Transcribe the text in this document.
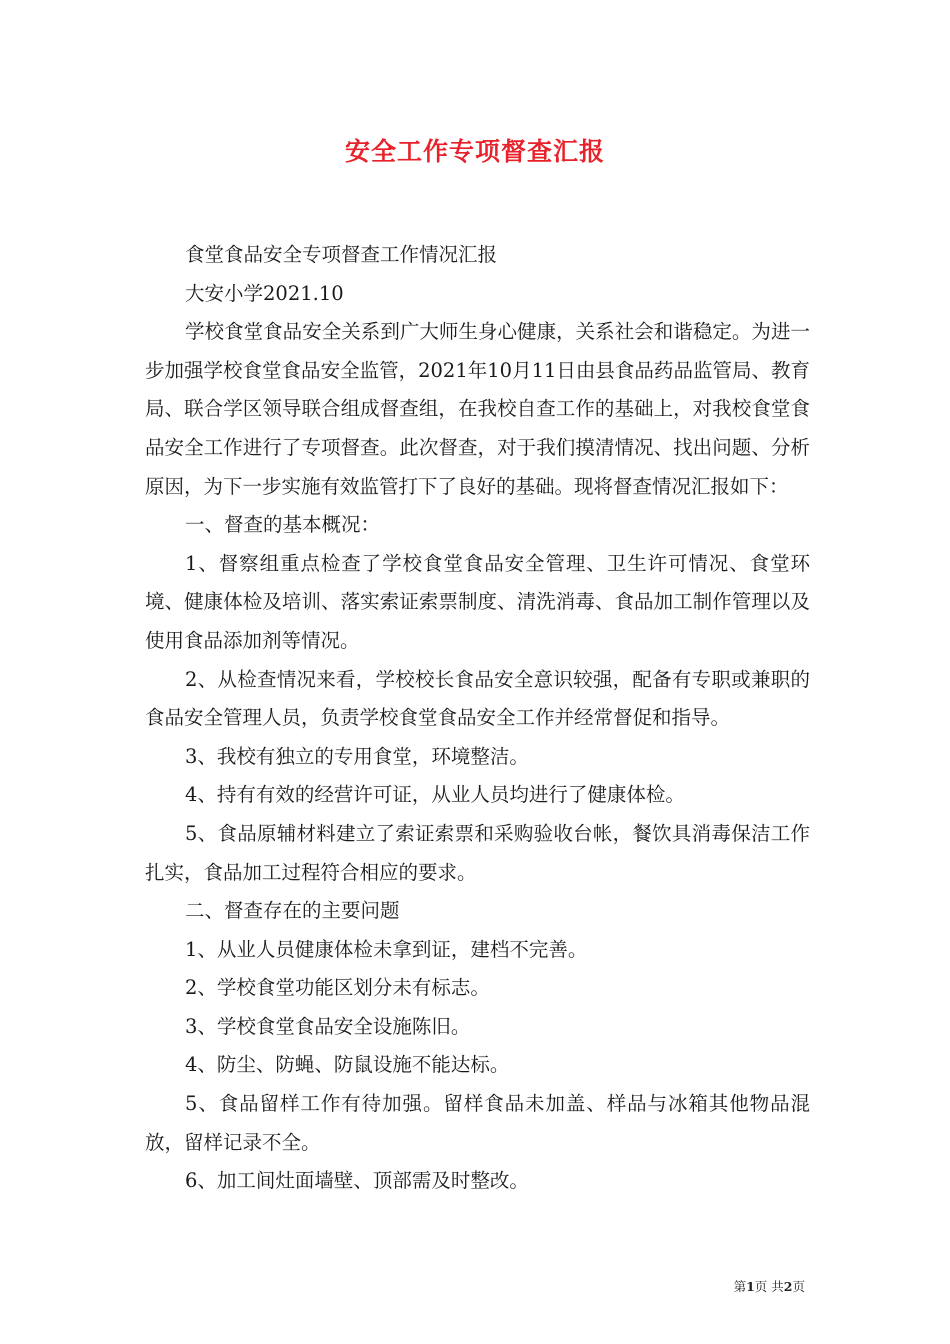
安全工作专项督查汇报

食堂食品安全专项督查工作情况汇报

大安小学2021.10

学校食堂食品安全关系到广大师生身心健康，关系社会和谐稳定。为进一步加强学校食堂食品安全监管，2021年10月11日由县食品药品监管局、教育局、联合学区领导联合组成督查组，在我校自查工作的基础上，对我校食堂食品安全工作进行了专项督查。此次督查，对于我们摸清情况、找出问题、分析原因，为下一步实施有效监管打下了良好的基础。现将督查情况汇报如下：

一、督查的基本概况：

1、督察组重点检查了学校食堂食品安全管理、卫生许可情况、食堂环境、健康体检及培训、落实索证索票制度、清洗消毒、食品加工制作管理以及使用食品添加剂等情况。

2、从检查情况来看，学校校长食品安全意识较强，配备有专职或兼职的食品安全管理人员，负责学校食堂食品安全工作并经常督促和指导。

3、我校有独立的专用食堂，环境整洁。

4、持有有效的经营许可证，从业人员均进行了健康体检。

5、食品原辅材料建立了索证索票和采购验收台帐，餐饮具消毒保洁工作扎实，食品加工过程符合相应的要求。

二、督查存在的主要问题

1、从业人员健康体检未拿到证，建档不完善。

2、学校食堂功能区划分未有标志。

3、学校食堂食品安全设施陈旧。

4、防尘、防蝇、防鼠设施不能达标。

5、食品留样工作有待加强。留样食品未加盖、样品与冰箱其他物品混放，留样记录不全。

6、加工间灶面墙壁、顶部需及时整改。

第1页 共2页
